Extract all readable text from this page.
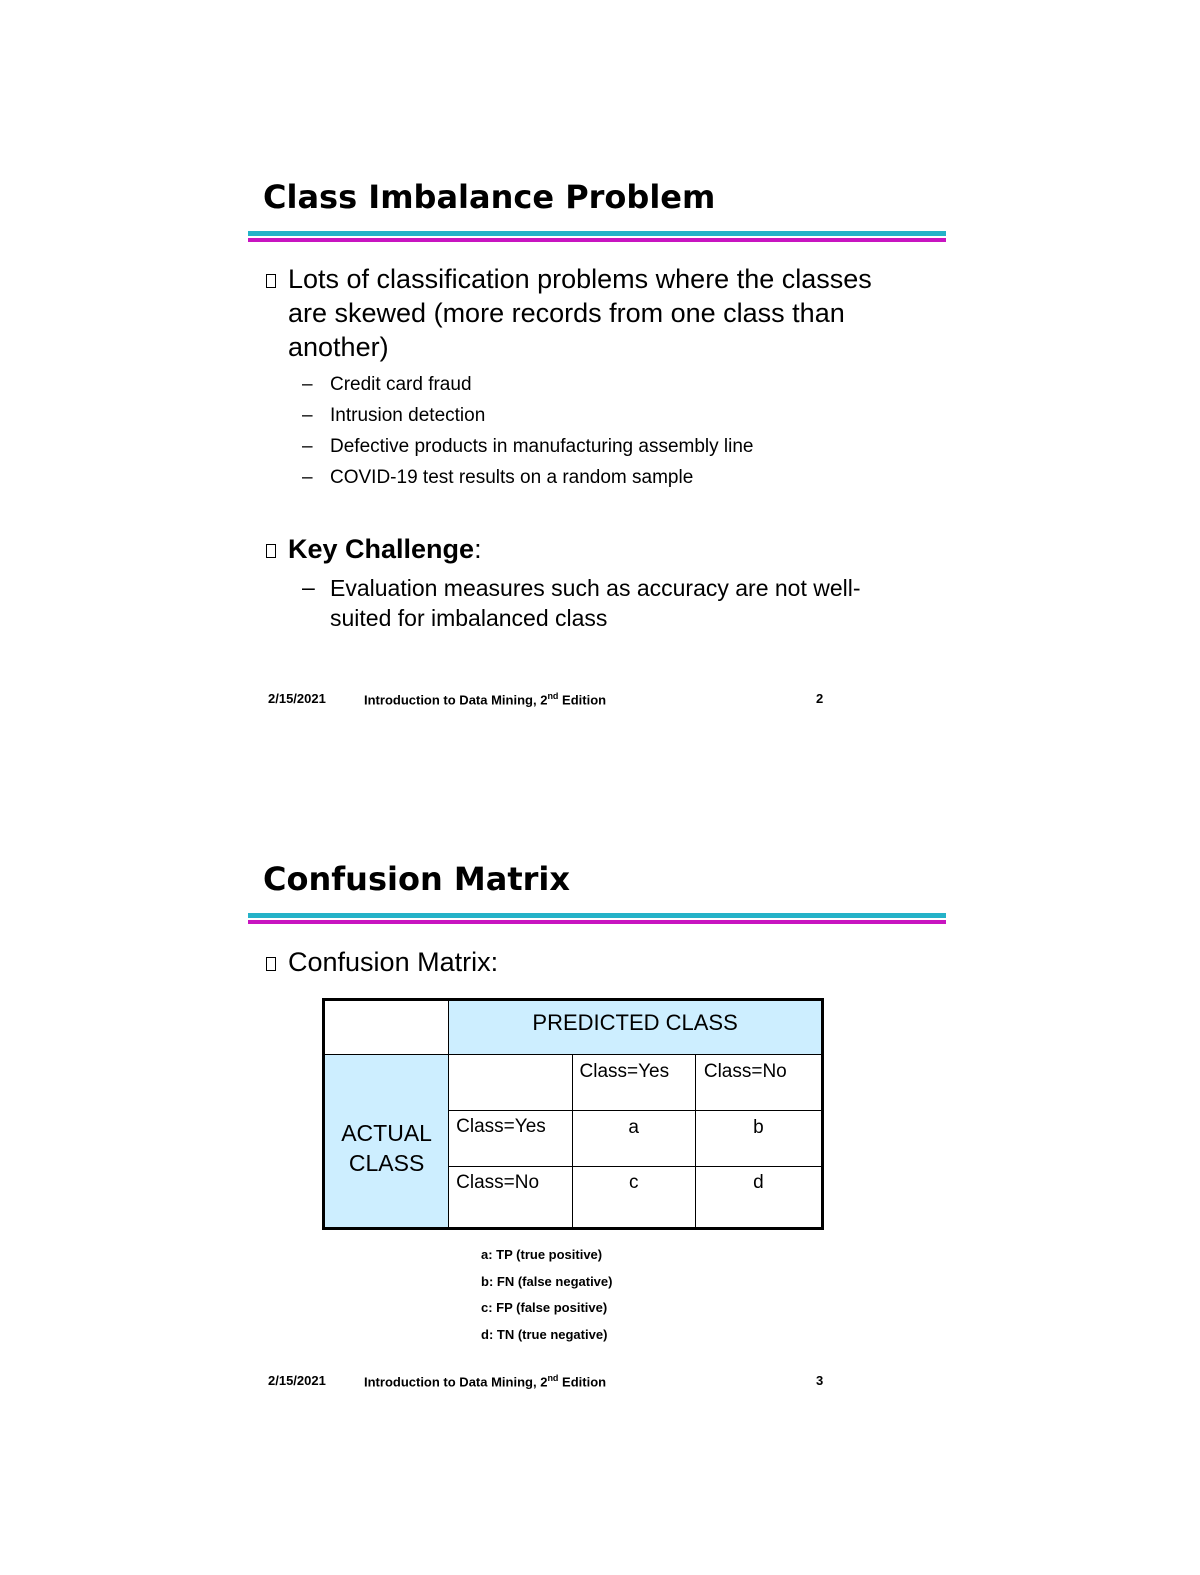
Class Imbalance Problem
Lots of classification problems where the classes
are skewed (more records from one class than
another)
– Credit card fraud
– Intrusion detection
– Defective products in manufacturing assembly line
– COVID-19 test results on a random sample
Key Challenge:
– Evaluation measures such as accuracy are not well-
suited for imbalanced class
2/15/2021	Introduction to Data Mining, 2nd Edition	2
Confusion Matrix
Confusion Matrix:
	PREDICTED CLASS		

ACTUAL
CLASS		Class=Yes	Class=No
	Class=Yes	a	b
	Class=No	c	d
a: TP (true positive)
b: FN (false negative)
c: FP (false positive)
d: TN (true negative)
2/15/2021	Introduction to Data Mining, 2nd Edition	3
